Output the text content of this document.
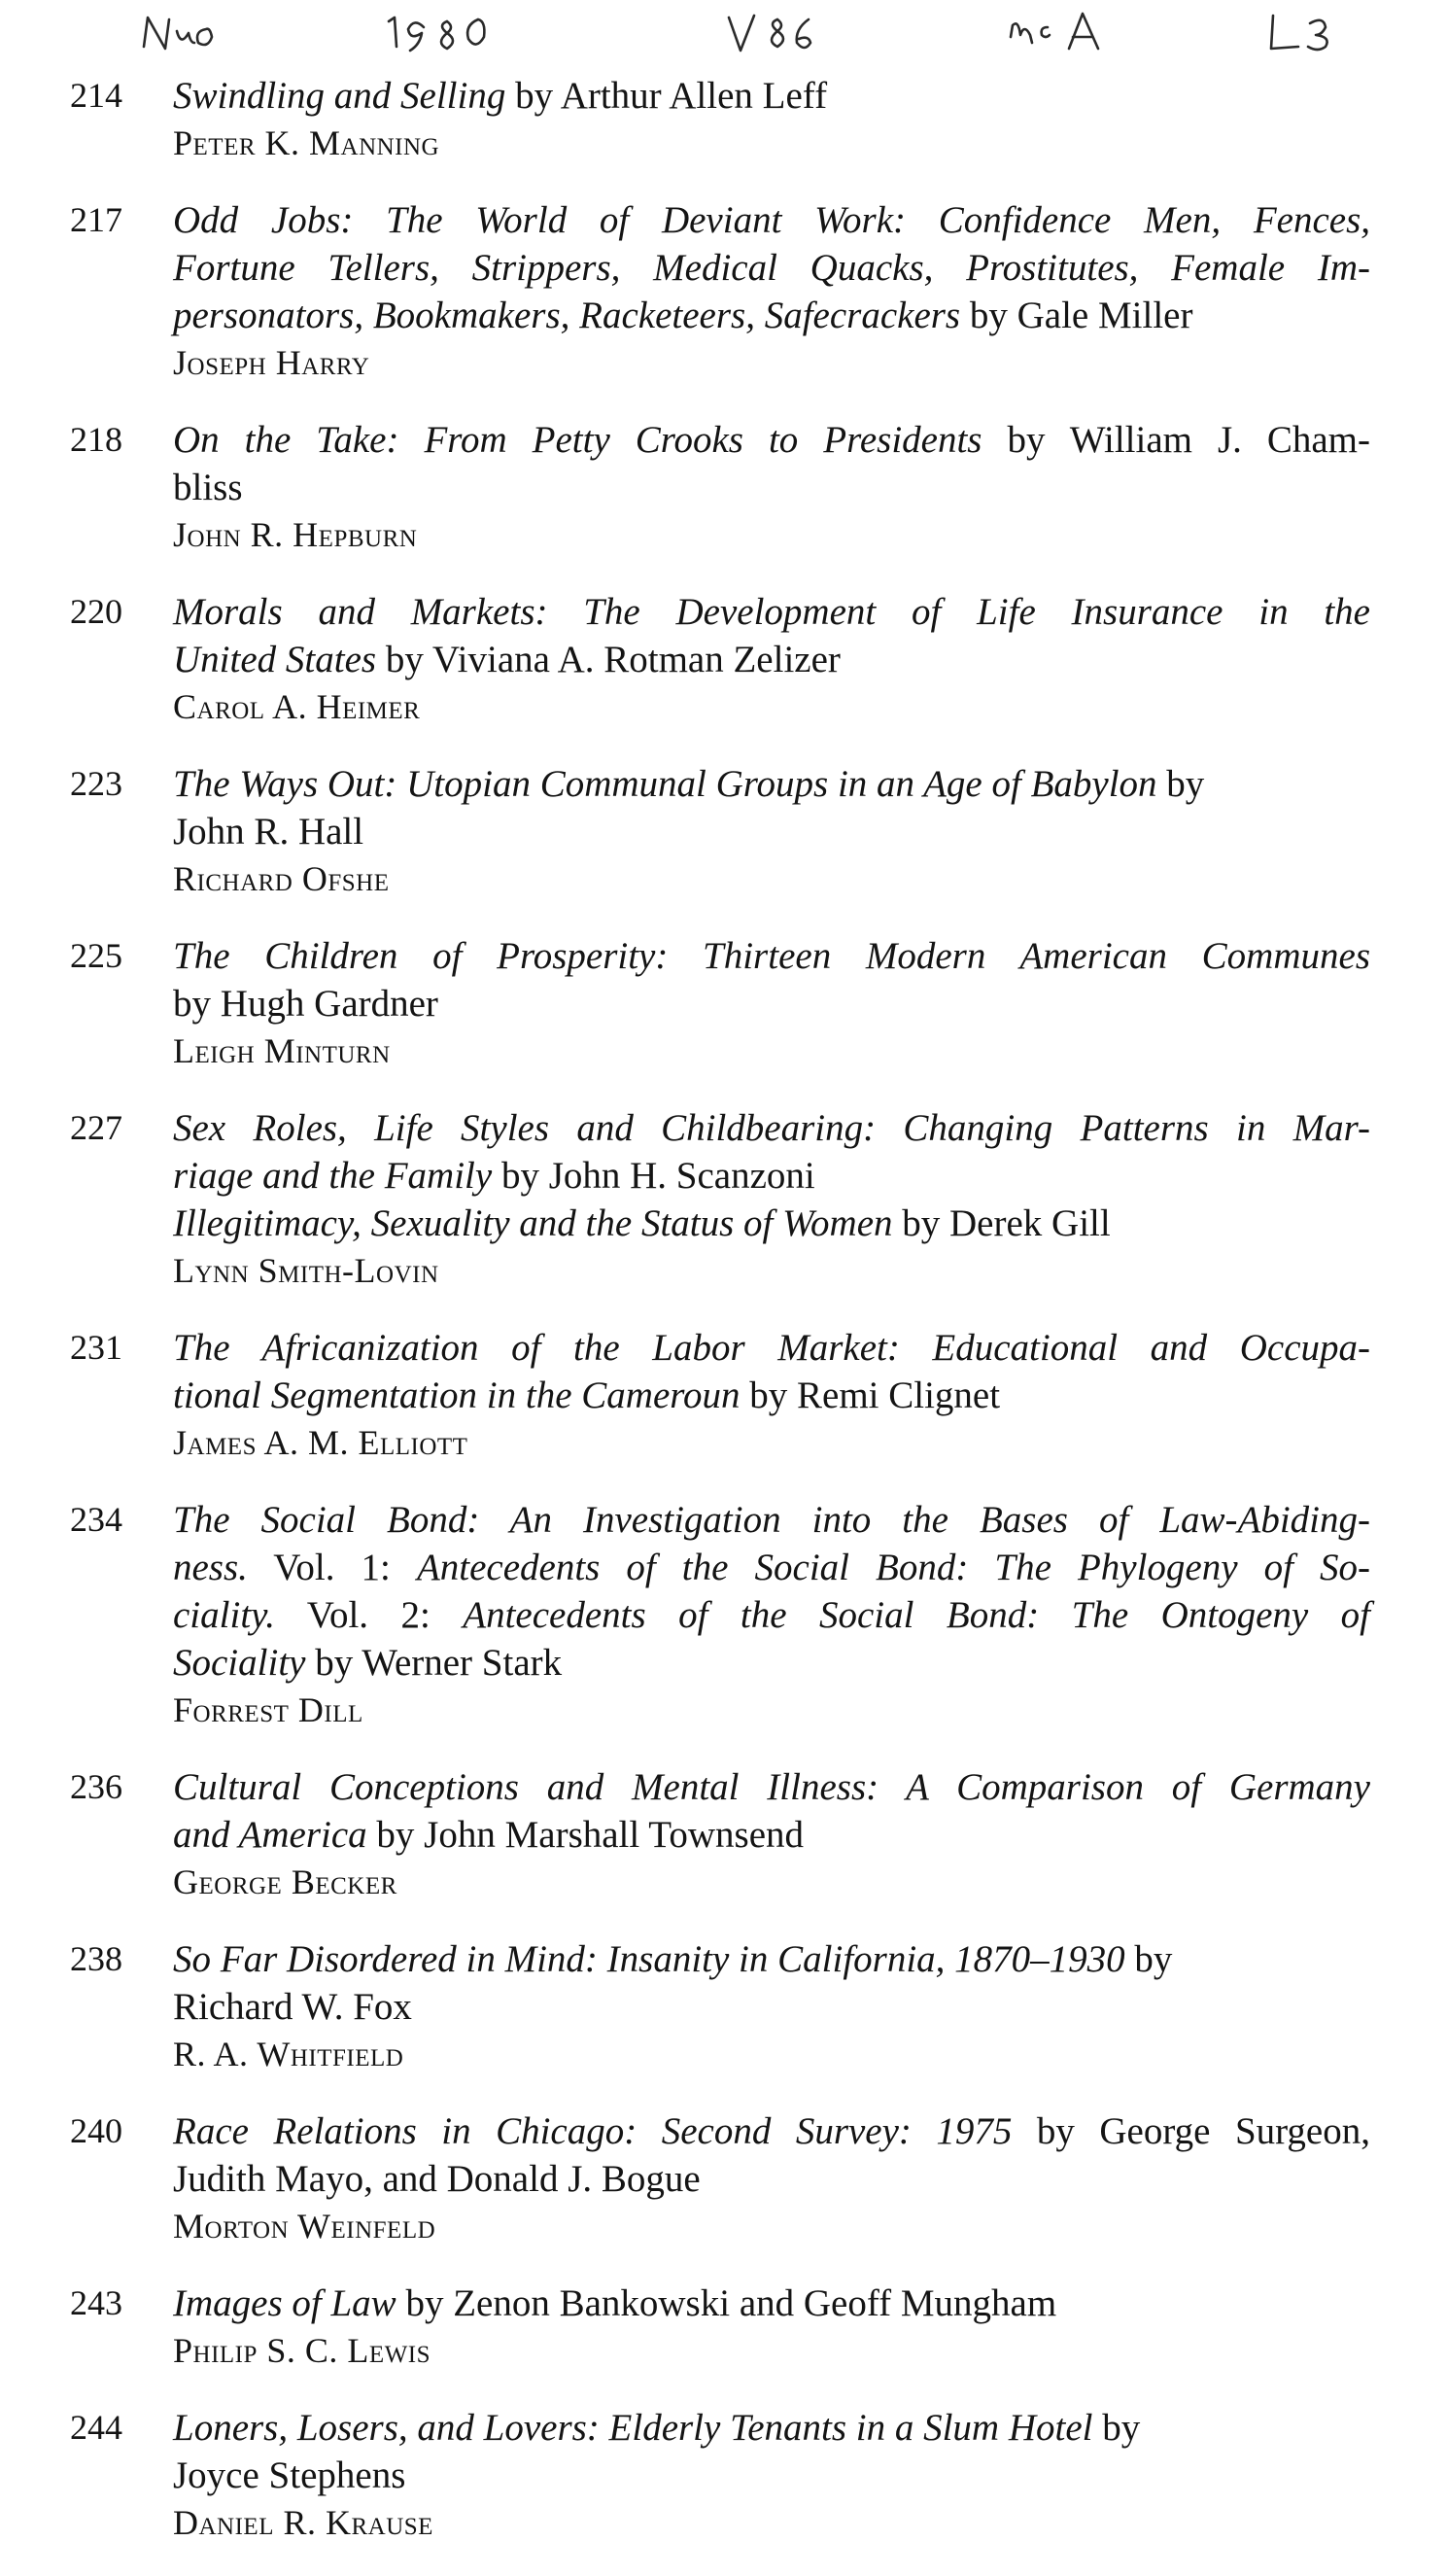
214	Swindling and Selling by Arthur Allen Leff
Peter K. Manning
217	Odd Jobs: The World of Deviant Work: Confidence Men, Fences,
Fortune Tellers, Strippers, Medical Quacks, Prostitutes, Female Im-
personators, Bookmakers, Racketeers, Safecrackers by Gale Miller
Joseph Harry
218	On the Take: From Petty Crooks to Presidents by William J. Cham-
bliss
John R. Hepburn
220	Morals and Markets: The Development of Life Insurance in the
United States by Viviana A. Rotman Zelizer
Carol A. Heimer
223	The Ways Out: Utopian Communal Groups in an Age of Babylon by
John R. Hall
Richard Ofshe
225	The Children of Prosperity: Thirteen Modern American Communes
by Hugh Gardner
Leigh Minturn
227	Sex Roles, Life Styles and Childbearing: Changing Patterns in Mar-
riage and the Family by John H. Scanzoni
Illegitimacy, Sexuality and the Status of Women by Derek Gill
Lynn Smith-Lovin
231	The Africanization of the Labor Market: Educational and Occupa-
tional Segmentation in the Cameroun by Remi Clignet
James A. M. Elliott
234	The Social Bond: An Investigation into the Bases of Law-Abiding-
ness. Vol. 1: Antecedents of the Social Bond: The Phylogeny of So-
ciality. Vol. 2: Antecedents of the Social Bond: The Ontogeny of
Sociality by Werner Stark
Forrest Dill
236	Cultural Conceptions and Mental Illness: A Comparison of Germany
and America by John Marshall Townsend
George Becker
238	So Far Disordered in Mind: Insanity in California, 1870–1930 by
Richard W. Fox
R. A. Whitfield
240	Race Relations in Chicago: Second Survey: 1975 by George Surgeon,
Judith Mayo, and Donald J. Bogue
Morton Weinfeld
243	Images of Law by Zenon Bankowski and Geoff Mungham
Philip S. C. Lewis
244	Loners, Losers, and Lovers: Elderly Tenants in a Slum Hotel by
Joyce Stephens
Daniel R. Krause
